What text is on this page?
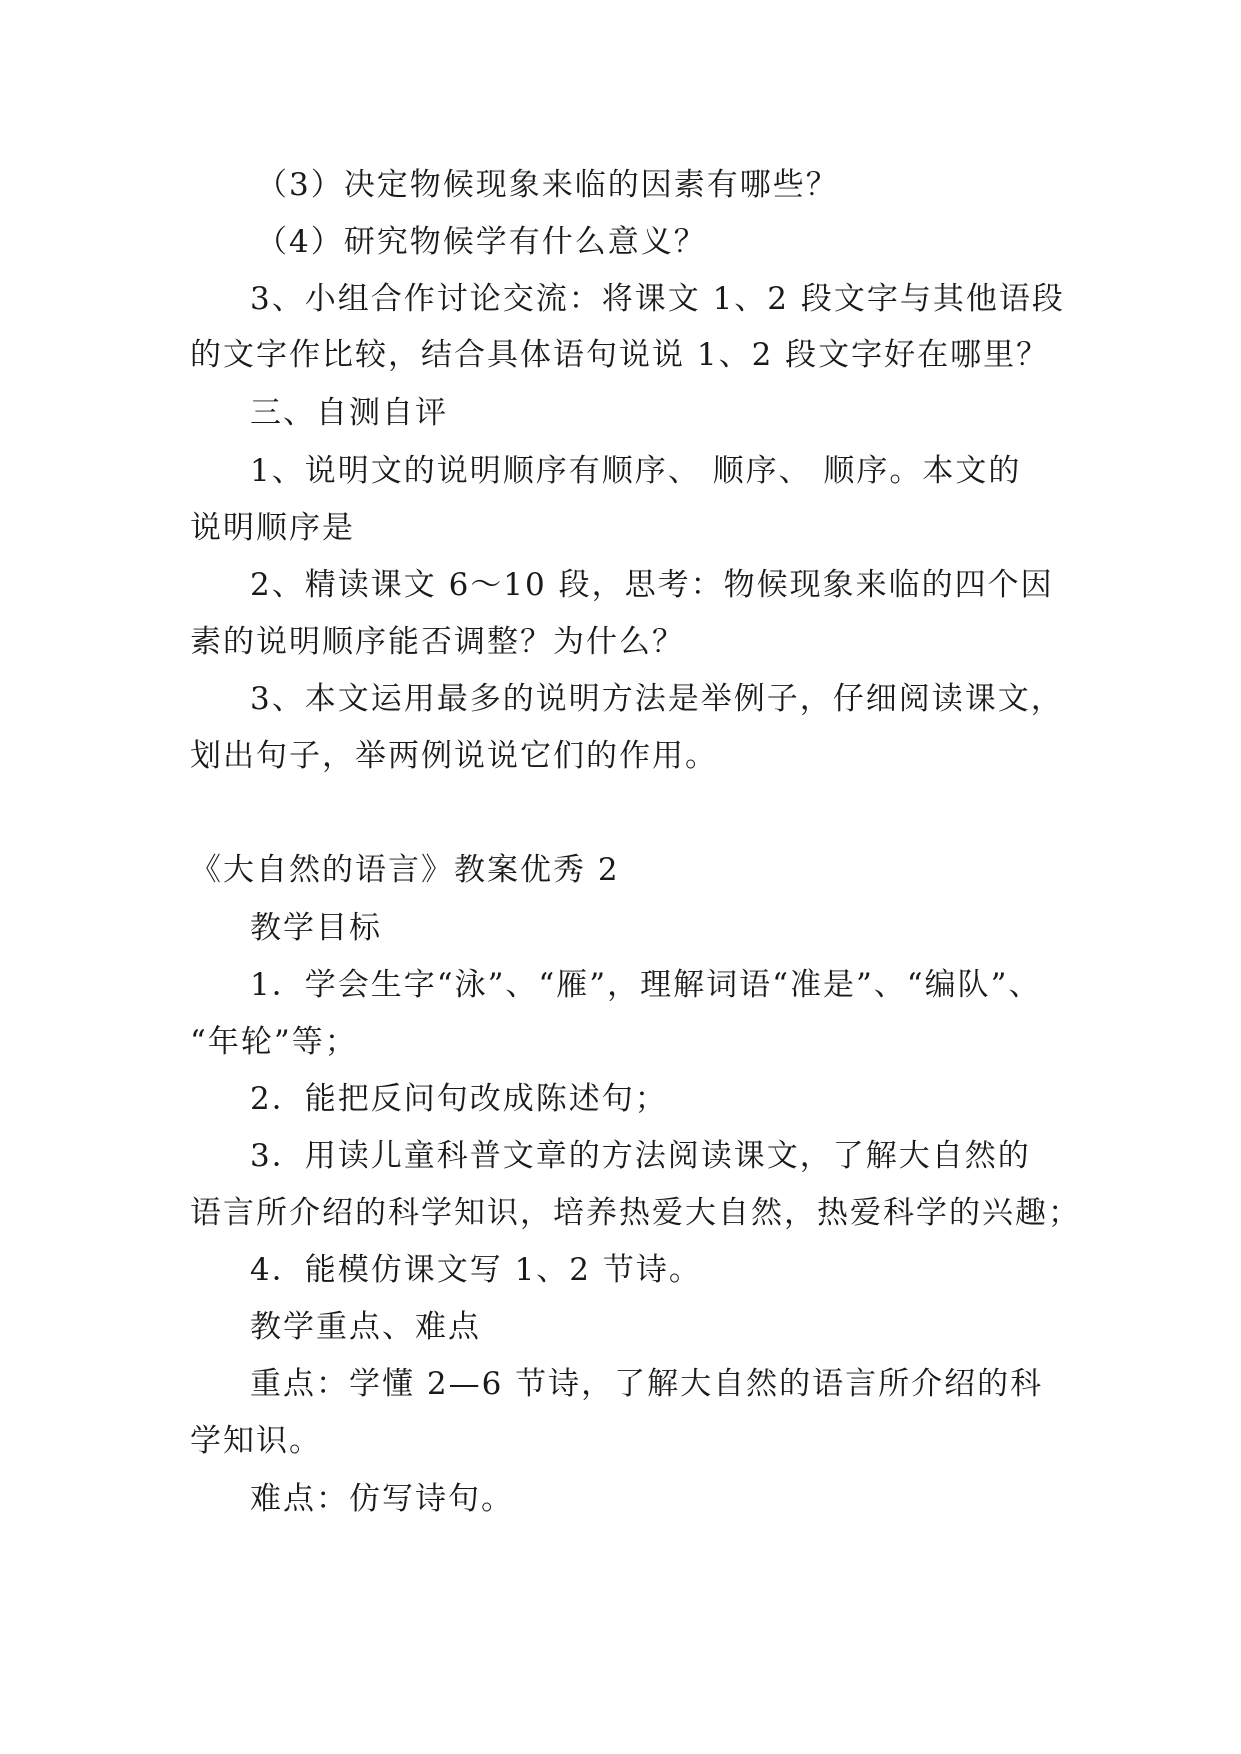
（3）决定物候现象来临的因素有哪些？
（4）研究物候学有什么意义？
3、小组合作讨论交流：将课文 1、2 段文字与其他语段
的文字作比较，结合具体语句说说 1、2 段文字好在哪里？
三、自测自评
1、说明文的说明顺序有顺序、 顺序、 顺序。本文的
说明顺序是
2、精读课文 6～10 段，思考：物候现象来临的四个因
素的说明顺序能否调整？为什么？
3、本文运用最多的说明方法是举例子，仔细阅读课文，
划出句子，举两例说说它们的作用。
《大自然的语言》教案优秀 2
教学目标
1．学会生字“泳”、“雁”，理解词语“准是”、“编队”、
“年轮”等；
2．能把反问句改成陈述句；
3．用读儿童科普文章的方法阅读课文，了解大自然的
语言所介绍的科学知识，培养热爱大自然，热爱科学的兴趣；
4．能模仿课文写 1、2 节诗。
教学重点、难点
重点：学懂 2—6 节诗，了解大自然的语言所介绍的科
学知识。
难点：仿写诗句。
